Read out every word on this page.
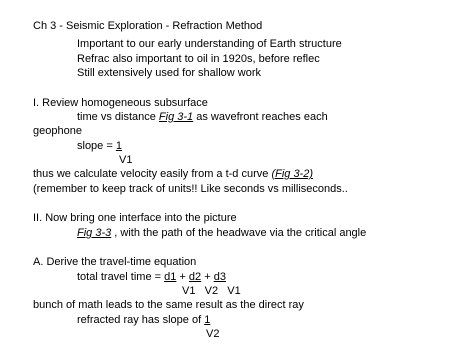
Ch 3 - Seismic Exploration - Refraction Method
Important to our early understanding of Earth structure
Refrac also important to oil in 1920s, before reflec
Still extensively used for shallow work
I. Review homogeneous subsurface
time vs distance Fig 3-1 as wavefront reaches each
geophone
slope = 1
V1
thus we calculate velocity easily from a t-d curve (Fig 3-2)
(remember to keep track of units!! Like seconds vs milliseconds..
II. Now bring one interface into the picture
Fig 3-3 , with the path of the headwave via the critical angle
A. Derive the travel-time equation
total travel time = d1 + d2 + d3
V1   V2   V1
bunch of math leads to the same result as the direct ray
refracted ray has slope of 1
V2
